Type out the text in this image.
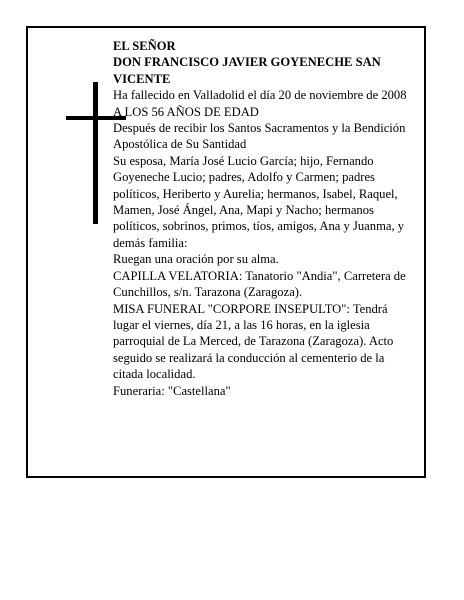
EL SEÑOR

DON FRANCISCO JAVIER GOYENECHE SAN VICENTE

Ha fallecido en Valladolid el día 20 de noviembre de 2008

A LOS 56 AÑOS DE EDAD

Después de recibir los Santos Sacramentos y la Bendición Apostólica de Su Santidad

Su esposa, María José Lucio García; hijo, Fernando Goyeneche Lucio; padres, Adolfo y Carmen; padres políticos, Heriberto y Aurelia; hermanos, Isabel, Raquel, Mamen, José Ángel, Ana, Mapi y Nacho; hermanos políticos, sobrinos, primos, tíos, amigos, Ana y Juanma, y demás familia:

Ruegan una oración por su alma.

CAPILLA VELATORIA: Tanatorio "Andia", Carretera de Cunchillos, s/n. Tarazona (Zaragoza).

MISA FUNERAL "CORPORE INSEPULTO": Tendrá lugar el viernes, día 21, a las 16 horas, en la iglesia parroquial de La Merced, de Tarazona (Zaragoza). Acto seguido se realizará la conducción al cementerio de la citada localidad.

Funeraria: "Castellana"
